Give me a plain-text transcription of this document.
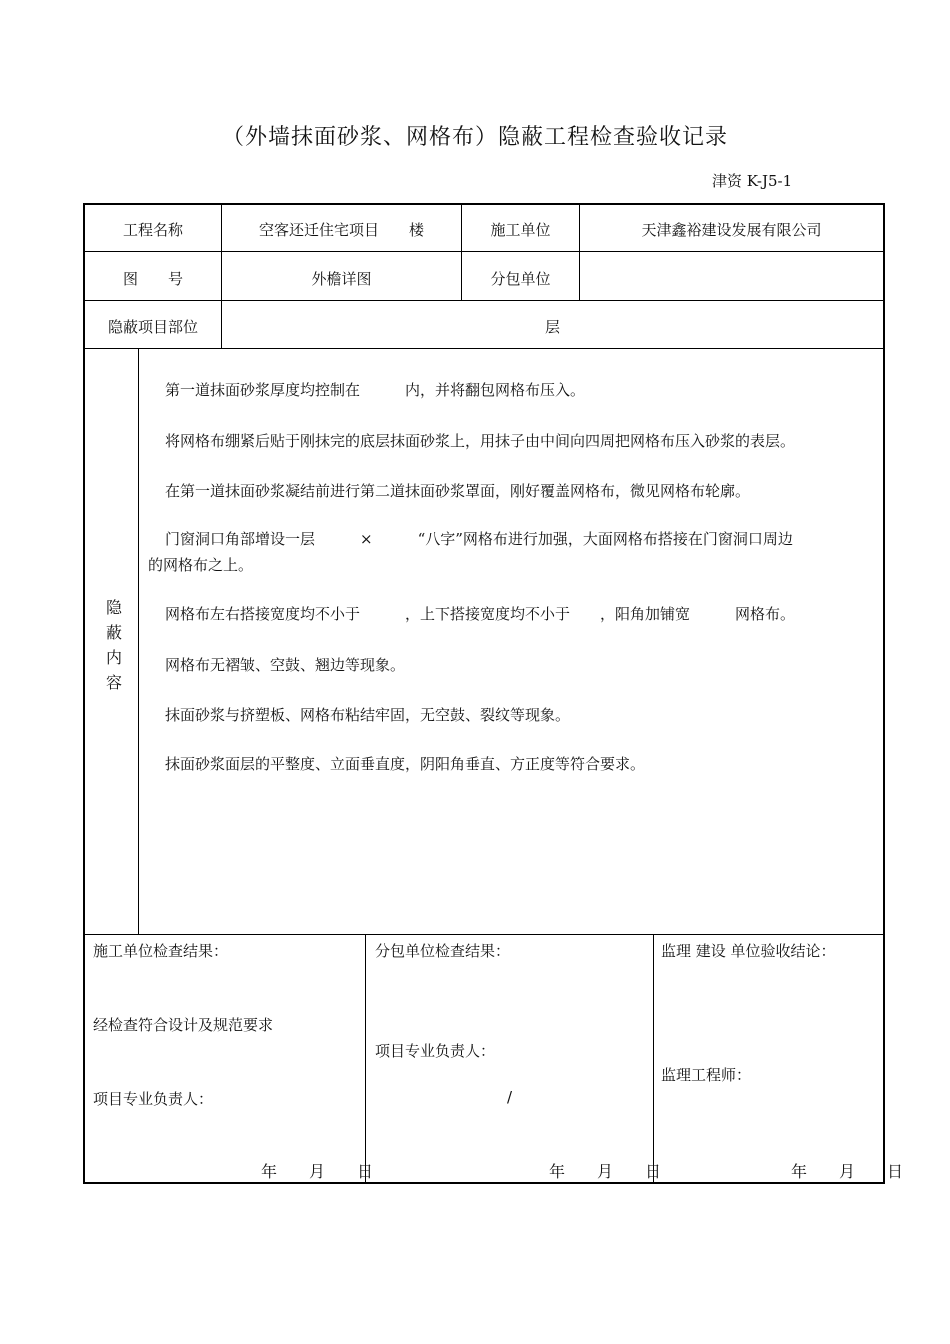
（外墙抹面砂浆、网格布）隐蔽工程检查验收记录
津资 K-J5-1
工程名称	空客还迁住宅项目　　楼	施工单位	天津鑫裕建设发展有限公司
图　　号	外檐详图	分包单位
隐蔽项目部位	层
隐
蔽
内
容
第一道抹面砂浆厚度均控制在　　　内，并将翻包网格布压入。
将网格布绷紧后贴于刚抹完的底层抹面砂浆上，用抹子由中间向四周把网格布压入砂浆的表层。
在第一道抹面砂浆凝结前进行第二道抹面砂浆罩面，刚好覆盖网格布，微见网格布轮廓。
门窗洞口角部增设一层　　　×　　　“八字”网格布进行加强，大面网格布搭接在门窗洞口周边
的网格布之上。
网格布左右搭接宽度均不小于　　　，上下搭接宽度均不小于　　，阳角加铺宽　　　网格布。
网格布无褶皱、空鼓、翘边等现象。
抹面砂浆与挤塑板、网格布粘结牢固，无空鼓、裂纹等现象。
抹面砂浆面层的平整度、立面垂直度，阴阳角垂直、方正度等符合要求。
施工单位检查结果：
经检查符合设计及规范要求
项目专业负责人：
年　　月　　日
分包单位检查结果：
项目专业负责人：
/
年　　月　　日
监理 建设 单位验收结论：
监理工程师：
年　　月　　日
